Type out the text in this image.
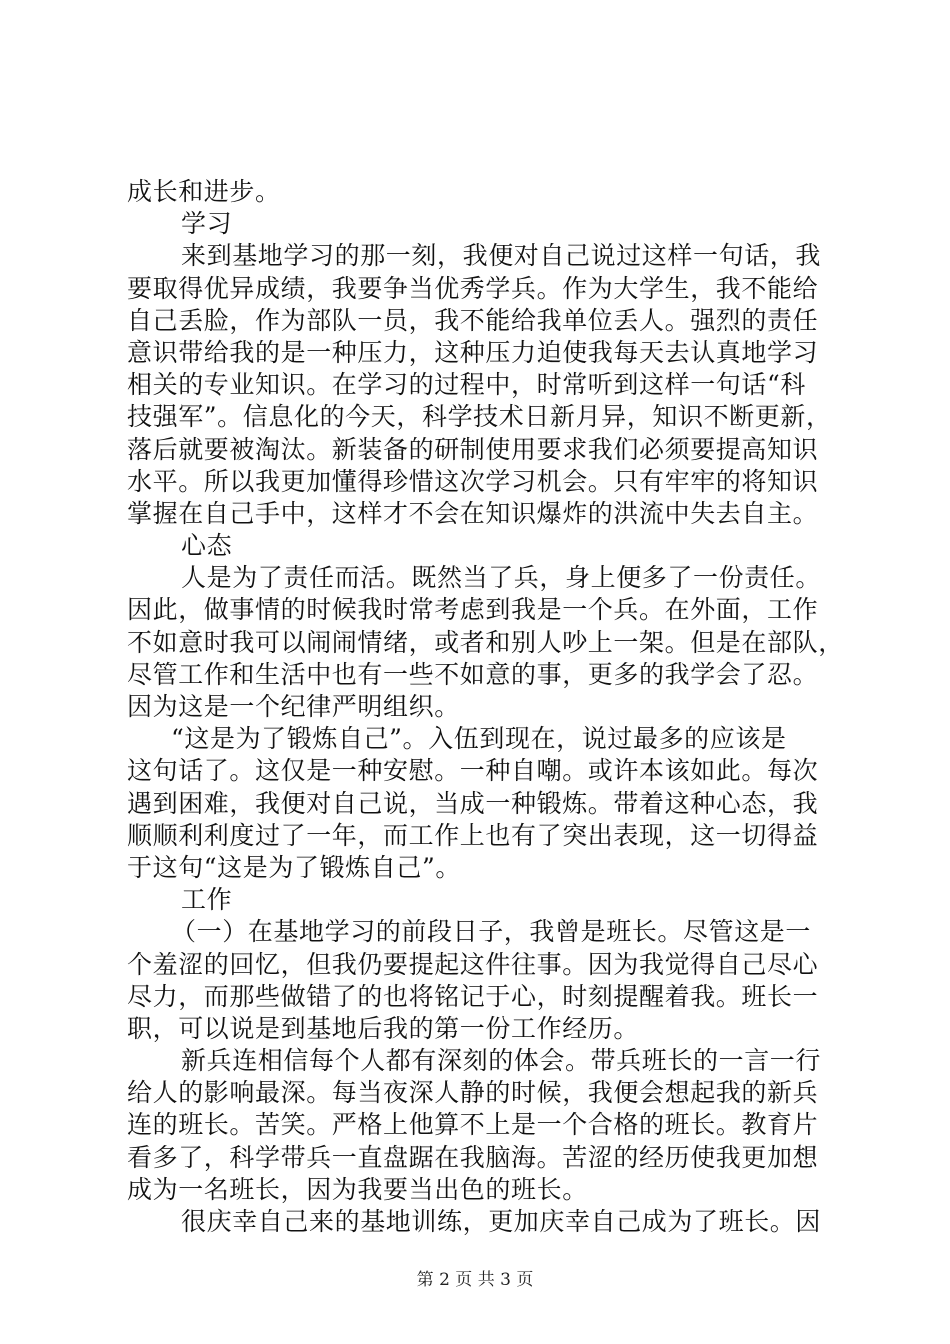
成长和进步。
学习
来到基地学习的那一刻，我便对自己说过这样一句话，我
要取得优异成绩，我要争当优秀学兵。作为大学生，我不能给
自己丢脸，作为部队一员，我不能给我单位丢人。强烈的责任
意识带给我的是一种压力，这种压力迫使我每天去认真地学习
相关的专业知识。在学习的过程中，时常听到这样一句话“科
技强军”。信息化的今天，科学技术日新月异，知识不断更新，
落后就要被淘汰。新装备的研制使用要求我们必须要提高知识
水平。所以我更加懂得珍惜这次学习机会。只有牢牢的将知识
掌握在自己手中，这样才不会在知识爆炸的洪流中失去自主。
心态
人是为了责任而活。既然当了兵，身上便多了一份责任。
因此，做事情的时候我时常考虑到我是一个兵。在外面，工作
不如意时我可以闹闹情绪，或者和别人吵上一架。但是在部队，
尽管工作和生活中也有一些不如意的事，更多的我学会了忍。
因为这是一个纪律严明组织。
“这是为了锻炼自己”。入伍到现在，说过最多的应该是
这句话了。这仅是一种安慰。一种自嘲。或许本该如此。每次
遇到困难，我便对自己说，当成一种锻炼。带着这种心态，我
顺顺利利度过了一年，而工作上也有了突出表现，这一切得益
于这句“这是为了锻炼自己”。
工作
（一）在基地学习的前段日子，我曾是班长。尽管这是一
个羞涩的回忆，但我仍要提起这件往事。因为我觉得自己尽心
尽力，而那些做错了的也将铭记于心，时刻提醒着我。班长一
职，可以说是到基地后我的第一份工作经历。
新兵连相信每个人都有深刻的体会。带兵班长的一言一行
给人的影响最深。每当夜深人静的时候，我便会想起我的新兵
连的班长。苦笑。严格上他算不上是一个合格的班长。教育片
看多了，科学带兵一直盘踞在我脑海。苦涩的经历使我更加想
成为一名班长，因为我要当出色的班长。
很庆幸自己来的基地训练，更加庆幸自己成为了班长。因
第 2 页 共 3 页
